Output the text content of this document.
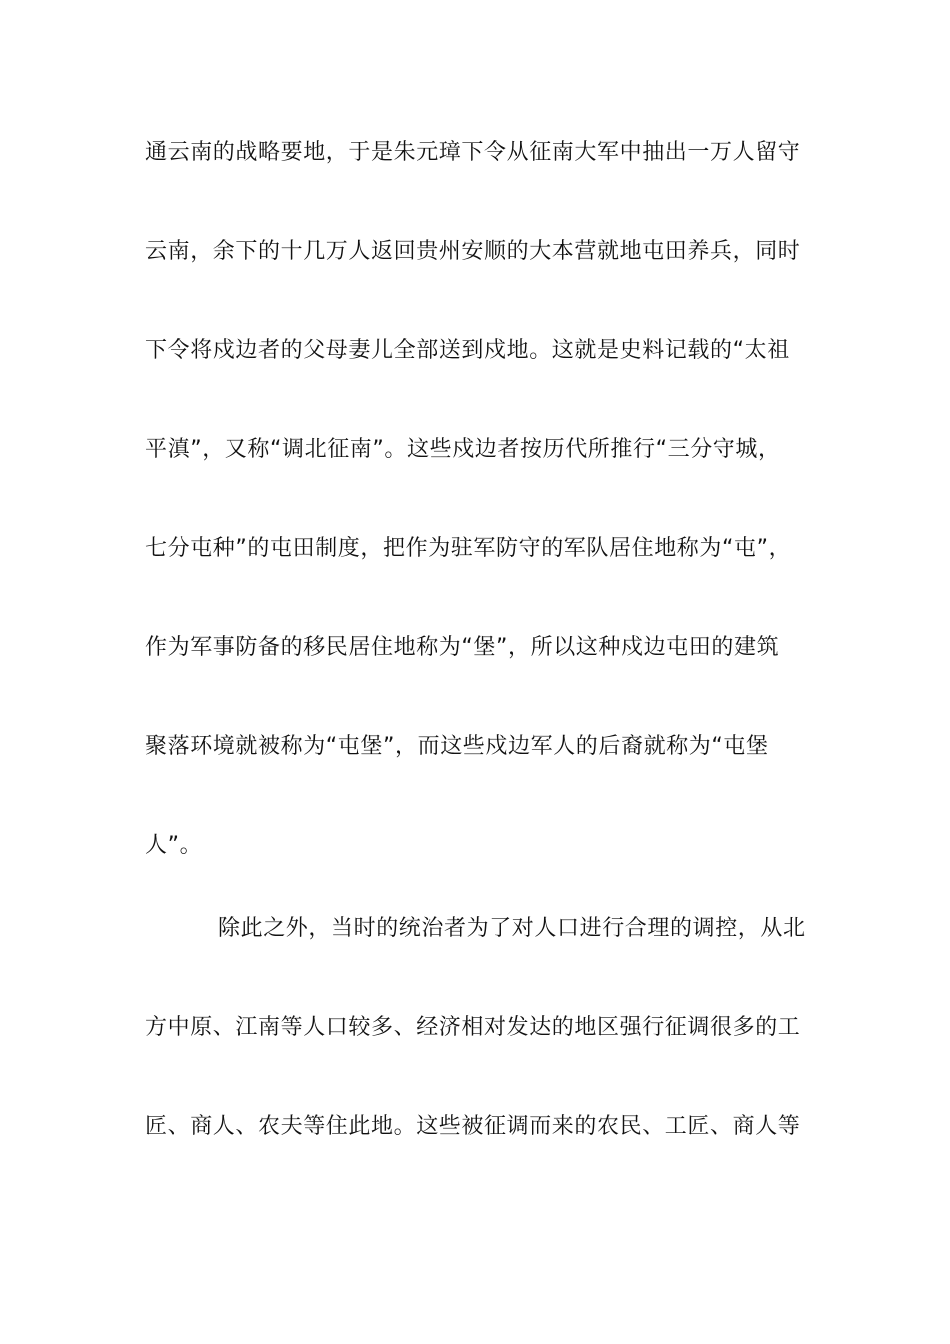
通云南的战略要地，于是朱元璋下令从征南大军中抽出一万人留守
云南，余下的十几万人返回贵州安顺的大本营就地屯田养兵，同时
下令将戍边者的父母妻儿全部送到戍地。这就是史料记载的“太祖
平滇”，又称“调北征南”。这些戍边者按历代所推行“三分守城，
七分屯种”的屯田制度，把作为驻军防守的军队居住地称为“屯”，
作为军事防备的移民居住地称为“堡”，所以这种戍边屯田的建筑
聚落环境就被称为“屯堡”，而这些戍边军人的后裔就称为“屯堡
人”。
除此之外，当时的统治者为了对人口进行合理的调控，从北
方中原、江南等人口较多、经济相对发达的地区强行征调很多的工
匠、商人、农夫等住此地。这些被征调而来的农民、工匠、商人等
